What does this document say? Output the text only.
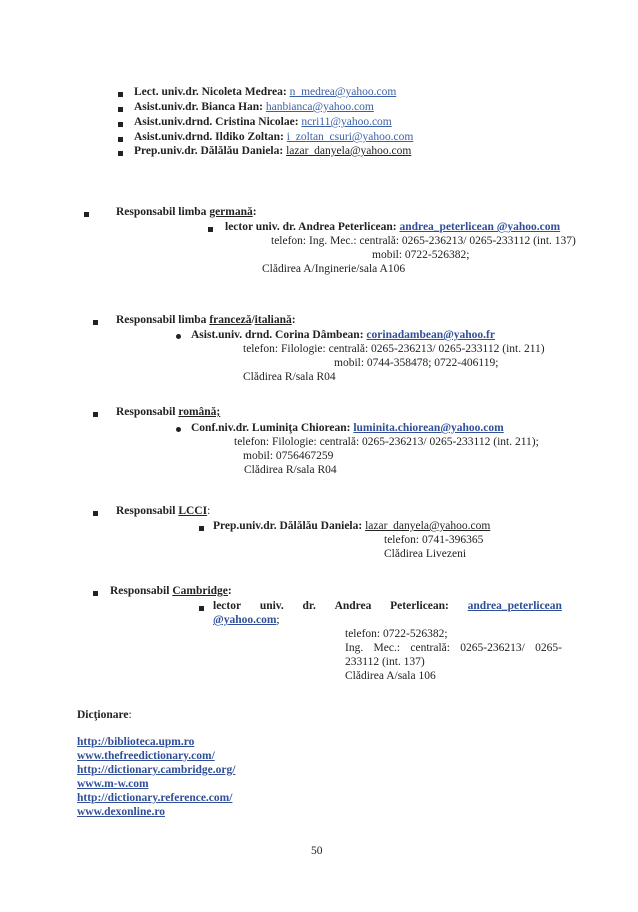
Lect. univ.dr. Nicoleta Medrea: n_medrea@yahoo.com
Asist.univ.dr. Bianca Han: hanbianca@yahoo.com
Asist.univ.drnd. Cristina Nicolae: ncri11@yahoo.com
Asist.univ.drnd. Ildiko Zoltan: i_zoltan_csuri@yahoo.com
Prep.univ.dr. Dălălău Daniela: lazar_danyela@yahoo.com
Responsabil limba germană:
lector univ. dr. Andrea Peterlicean: andrea_peterlicean @yahoo.com
telefon: Ing. Mec.: centrală: 0265-236213/ 0265-233112 (int. 137)
mobil: 0722-526382;
Clădirea A/Inginerie/sala A106
Responsabil limba franceză/italiană:
Asist.univ. drnd. Corina Dâmbean: corinadambean@yahoo.fr
telefon: Filologie: centrală: 0265-236213/ 0265-233112 (int. 211)
mobil: 0744-358478; 0722-406119;
Clădirea R/sala R04
Responsabil română;
Conf.niv.dr. Luminiţa Chiorean: luminita.chiorean@yahoo.com
telefon: Filologie: centrală: 0265-236213/ 0265-233112 (int. 211);
mobil: 0756467259
Clădirea R/sala R04
Responsabil LCCI:
Prep.univ.dr. Dălălău Daniela: lazar_danyela@yahoo.com
telefon: 0741-396365
Clădirea Livezeni
Responsabil Cambridge:
lector univ. dr. Andrea Peterlicean: andrea_peterlicean
@yahoo.com;
telefon: 0722-526382;
Ing. Mec.: centrală: 0265-236213/ 0265-
233112 (int. 137)
Clădirea A/sala 106
Dicţionare:
http://biblioteca.upm.ro
www.thefreedictionary.com/
http://dictionary.cambridge.org/
www.m-w.com
http://dictionary.reference.com/
www.dexonline.ro
50
